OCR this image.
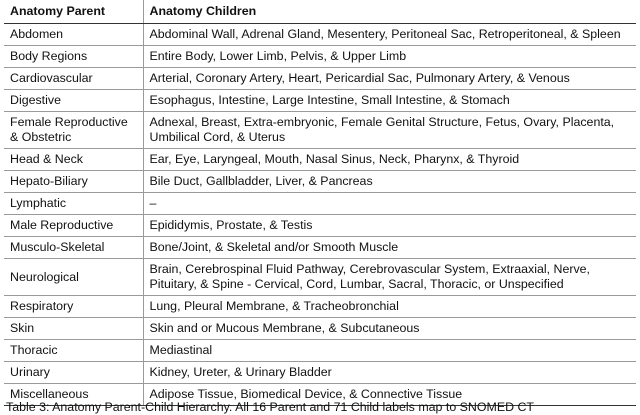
Anatomy Parent	Anatomy Children
Abdomen	Abdominal Wall, Adrenal Gland, Mesentery, Peritoneal Sac, Retroperitoneal, & Spleen
Body Regions	Entire Body, Lower Limb, Pelvis, & Upper Limb
Cardiovascular	Arterial, Coronary Artery, Heart, Pericardial Sac, Pulmonary Artery, & Venous
Digestive	Esophagus, Intestine, Large Intestine, Small Intestine, & Stomach
Female Reproductive & Obstetric	Adnexal, Breast, Extra-embryonic, Female Genital Structure, Fetus, Ovary, Placenta, Umbilical Cord, & Uterus
Head & Neck	Ear, Eye, Laryngeal, Mouth, Nasal Sinus, Neck, Pharynx, & Thyroid
Hepato-Biliary	Bile Duct, Gallbladder, Liver, & Pancreas
Lymphatic	–
Male Reproductive	Epididymis, Prostate, & Testis
Musculo-Skeletal	Bone/Joint, & Skeletal and/or Smooth Muscle
Neurological	Brain, Cerebrospinal Fluid Pathway, Cerebrovascular System, Extraaxial, Nerve, Pituitary, & Spine - Cervical, Cord, Lumbar, Sacral, Thoracic, or Unspecified
Respiratory	Lung, Pleural Membrane, & Tracheobronchial
Skin	Skin and or Mucous Membrane, & Subcutaneous
Thoracic	Mediastinal
Urinary	Kidney, Ureter, & Urinary Bladder
Miscellaneous	Adipose Tissue, Biomedical Device, & Connective Tissue
Table 3: Anatomy Parent-Child Hierarchy. All 16 Parent and 71 Child labels map to SNOMED CT
